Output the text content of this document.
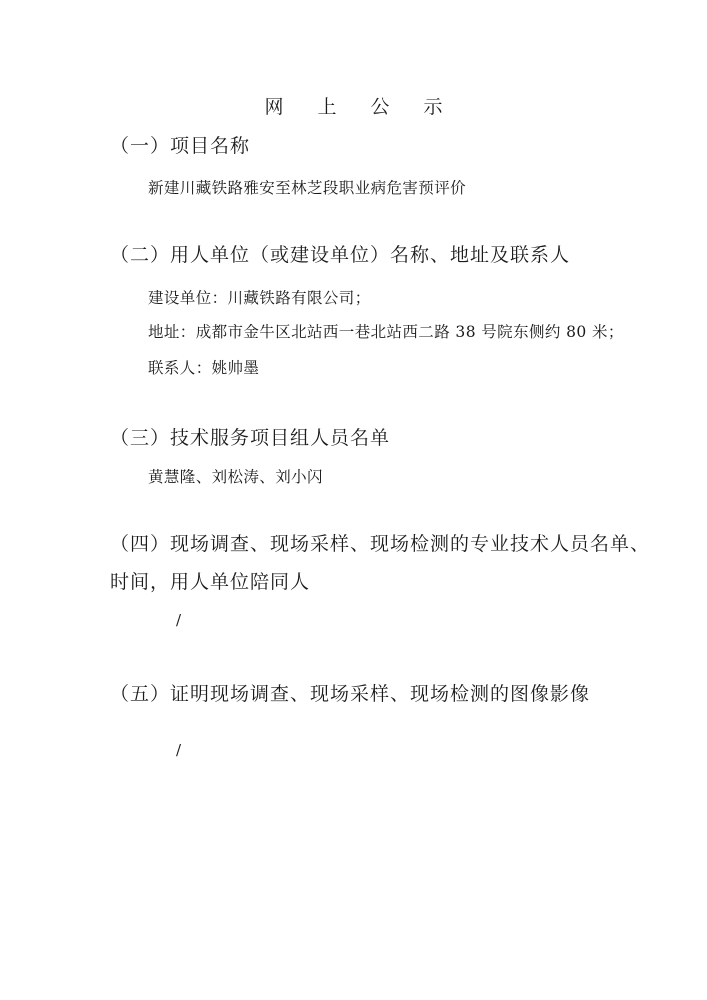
网 上 公 示
（一）项目名称
新建川藏铁路雅安至林芝段职业病危害预评价
（二）用人单位（或建设单位）名称、地址及联系人
建设单位：川藏铁路有限公司；
地址：成都市金牛区北站西一巷北站西二路 38 号院东侧约 80 米；
联系人：姚帅墨
（三）技术服务项目组人员名单
黄慧隆、刘松涛、刘小闪
（四）现场调查、现场采样、现场检测的专业技术人员名单、
时间，用人单位陪同人
/
（五）证明现场调查、现场采样、现场检测的图像影像
/
